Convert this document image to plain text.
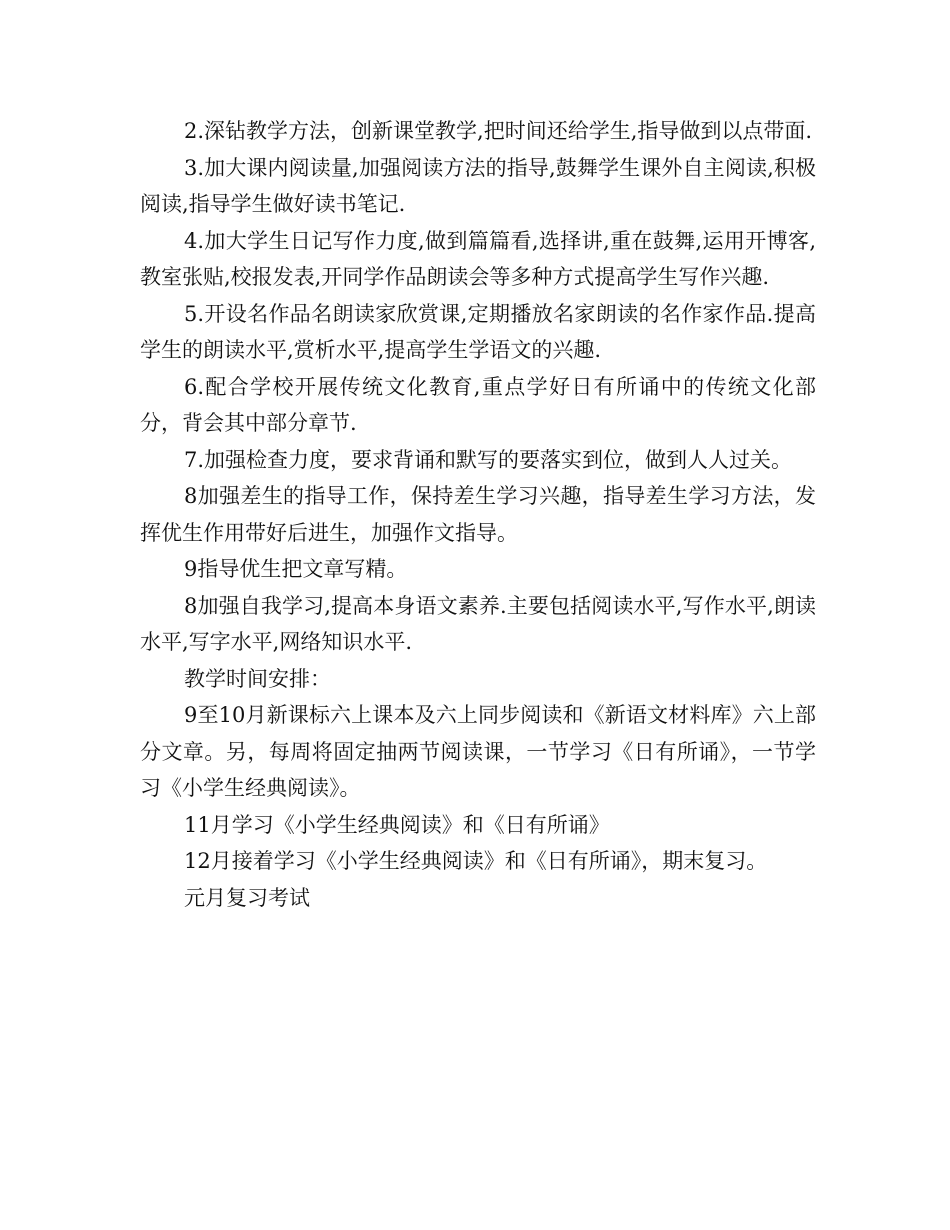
2.深钻教学方法，创新课堂教学,把时间还给学生,指导做到以点带面.

3.加大课内阅读量,加强阅读方法的指导,鼓舞学生课外自主阅读,积极阅读,指导学生做好读书笔记.

4.加大学生日记写作力度,做到篇篇看,选择讲,重在鼓舞,运用开博客,教室张贴,校报发表,开同学作品朗读会等多种方式提高学生写作兴趣.

5.开设名作品名朗读家欣赏课,定期播放名家朗读的名作家作品.提高学生的朗读水平,赏析水平,提高学生学语文的兴趣.

6.配合学校开展传统文化教育,重点学好日有所诵中的传统文化部分，背会其中部分章节.

7.加强检查力度，要求背诵和默写的要落实到位，做到人人过关。

8加强差生的指导工作，保持差生学习兴趣，指导差生学习方法，发挥优生作用带好后进生，加强作文指导。

9指导优生把文章写精。

8加强自我学习,提高本身语文素养.主要包括阅读水平,写作水平,朗读水平,写字水平,网络知识水平.

教学时间安排：

9至10月新课标六上课本及六上同步阅读和《新语文材料库》六上部分文章。另，每周将固定抽两节阅读课，一节学习《日有所诵》，一节学习《小学生经典阅读》。

11月学习《小学生经典阅读》和《日有所诵》

12月接着学习《小学生经典阅读》和《日有所诵》，期末复习。

元月复习考试
